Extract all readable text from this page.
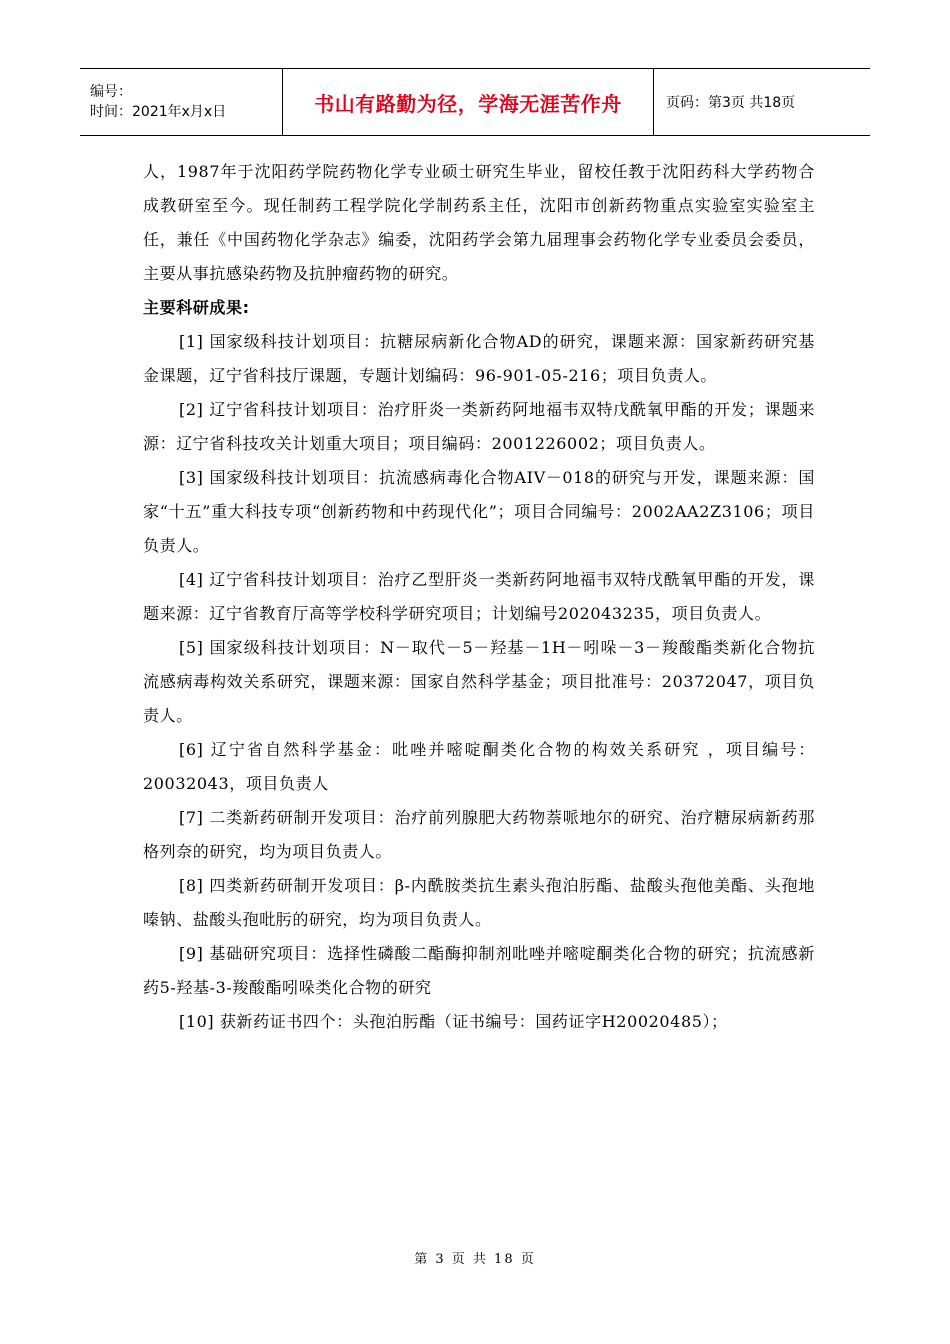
编号：
时间：2021年x月x日	书山有路勤为径，学海无涯苦作舟	页码：第3页 共18页

人，1987年于沈阳药学院药物化学专业硕士研究生毕业，留校任教于沈阳药科大学药物合成教研室至今。现任制药工程学院化学制药系主任，沈阳市创新药物重点实验室实验室主任，兼任《中国药物化学杂志》编委，沈阳药学会第九届理事会药物化学专业委员会委员，主要从事抗感染药物及抗肿瘤药物的研究。

主要科研成果:

[1] 国家级科技计划项目：抗糖尿病新化合物AD的研究，课题来源：国家新药研究基金课题，辽宁省科技厅课题，专题计划编码：96-901-05-216；项目负责人。

[2] 辽宁省科技计划项目：治疗肝炎一类新药阿地福韦双特戊酰氧甲酯的开发；课题来源：辽宁省科技攻关计划重大项目；项目编码：2001226002；项目负责人。

[3] 国家级科技计划项目：抗流感病毒化合物AIV－018的研究与开发，课题来源：国家“十五”重大科技专项“创新药物和中药现代化”；项目合同编号：2002AA2Z3106；项目负责人。

[4] 辽宁省科技计划项目：治疗乙型肝炎一类新药阿地福韦双特戊酰氧甲酯的开发，课题来源：辽宁省教育厅高等学校科学研究项目；计划编号202043235，项目负责人。

[5] 国家级科技计划项目：N－取代－5－羟基－1H－吲哚－3－羧酸酯类新化合物抗流感病毒构效关系研究，课题来源：国家自然科学基金；项目批准号：20372047，项目负责人。

[6] 辽宁省自然科学基金：吡唑并嘧啶酮类化合物的构效关系研究 ，项目编号：20032043，项目负责人

[7] 二类新药研制开发项目：治疗前列腺肥大药物萘哌地尔的研究、治疗糖尿病新药那格列奈的研究，均为项目负责人。

[8] 四类新药研制开发项目：β-内酰胺类抗生素头孢泊肟酯、盐酸头孢他美酯、头孢地嗪钠、盐酸头孢吡肟的研究，均为项目负责人。

[9] 基础研究项目：选择性磷酸二酯酶抑制剂吡唑并嘧啶酮类化合物的研究；抗流感新药5-羟基-3-羧酸酯吲哚类化合物的研究

[10] 获新药证书四个：头孢泊肟酯（证书编号：国药证字H20020485）；

第 3 页 共 18 页
